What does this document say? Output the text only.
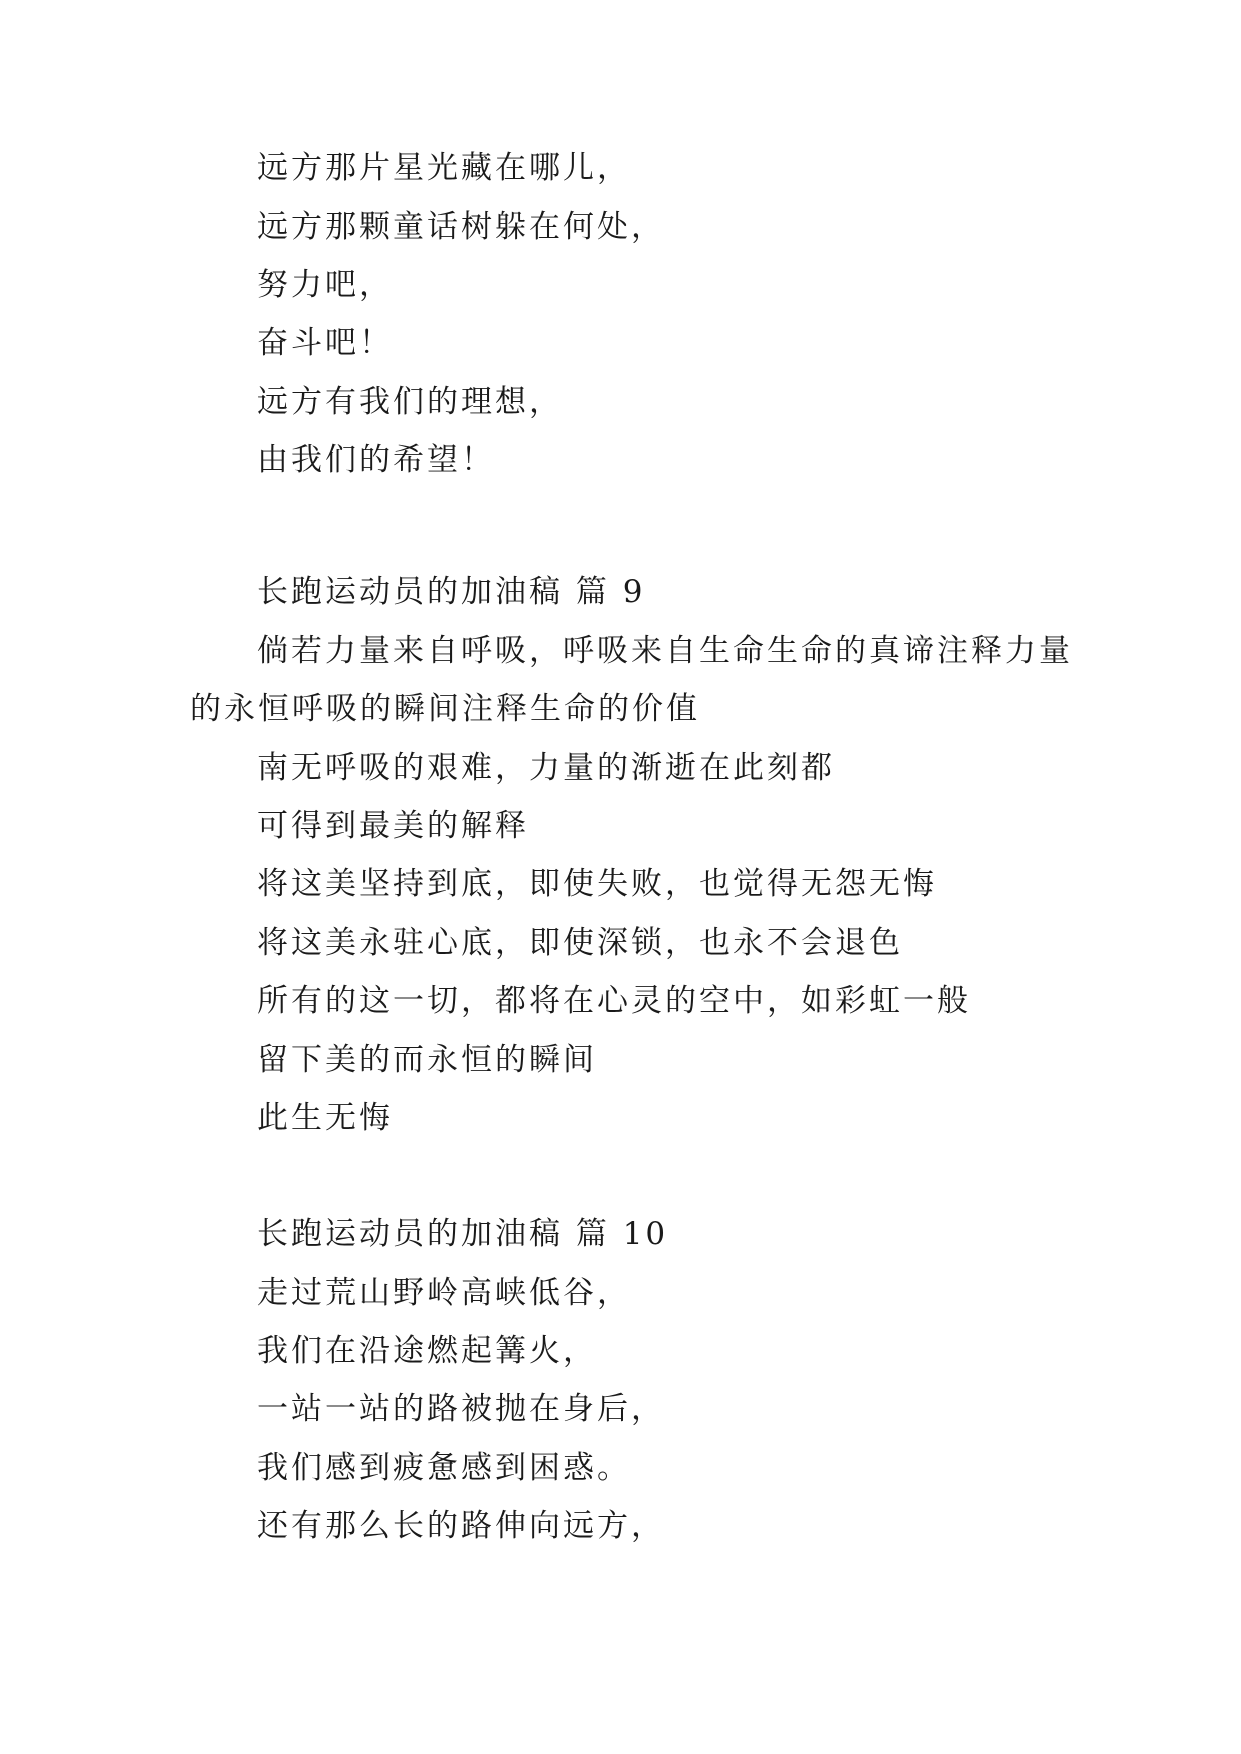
远方那片星光藏在哪儿，
远方那颗童话树躲在何处，
努力吧，
奋斗吧！
远方有我们的理想，
由我们的希望！
长跑运动员的加油稿 篇 9
倘若力量来自呼吸，呼吸来自生命生命的真谛注释力量
的永恒呼吸的瞬间注释生命的价值
南无呼吸的艰难，力量的渐逝在此刻都
可得到最美的解释
将这美坚持到底，即使失败，也觉得无怨无悔
将这美永驻心底，即使深锁，也永不会退色
所有的这一切，都将在心灵的空中，如彩虹一般
留下美的而永恒的瞬间
此生无悔
长跑运动员的加油稿 篇 10
走过荒山野岭高峡低谷，
我们在沿途燃起篝火，
一站一站的路被抛在身后，
我们感到疲惫感到困惑。
还有那么长的路伸向远方，
